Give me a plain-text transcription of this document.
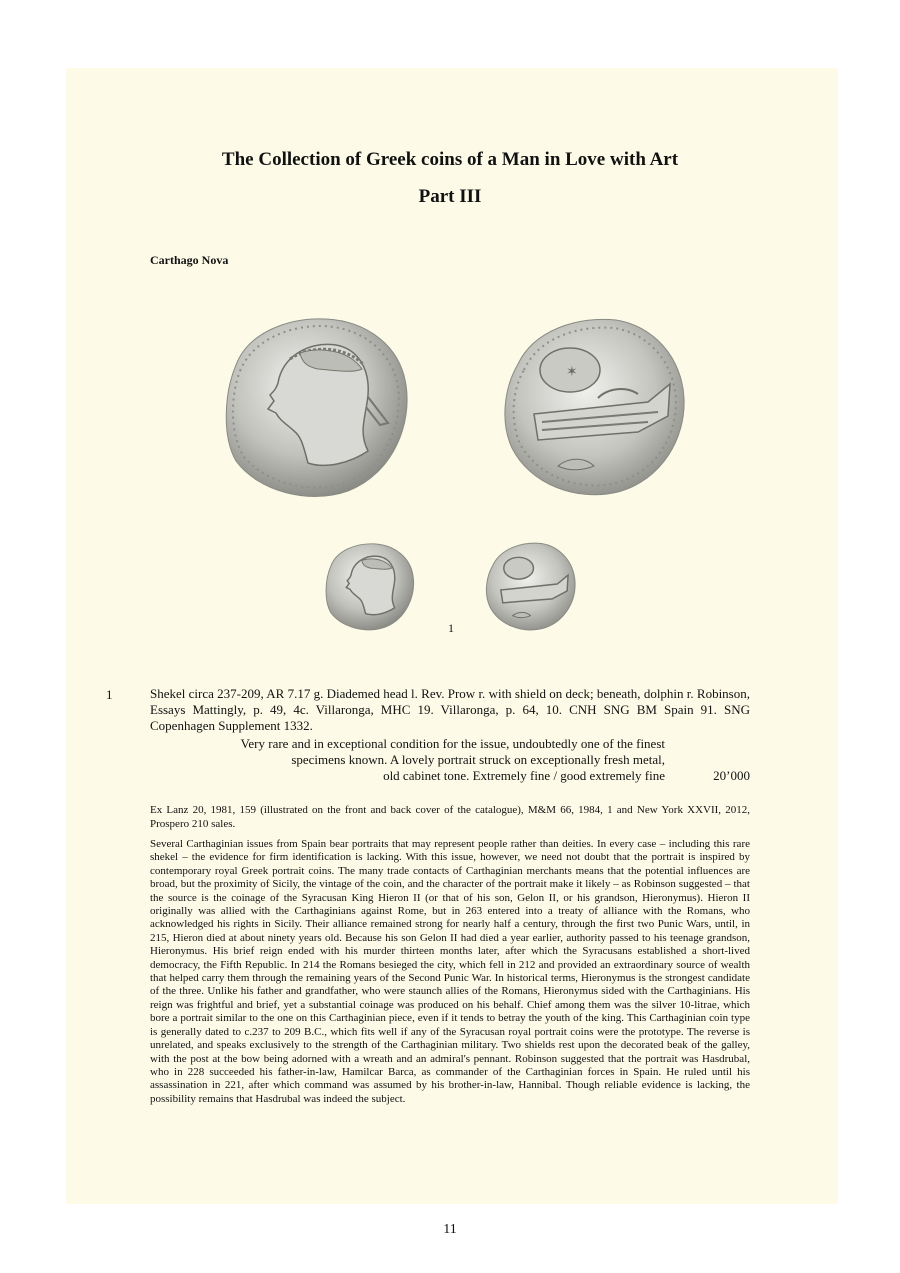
The Collection of Greek coins of a Man in Love with Art
Part III
Carthago Nova
✶
1
1	Shekel circa 237-209, AR 7.17 g. Diademed head l. Rev. Prow r. with shield on deck; beneath, dolphin r. Robinson, Essays Mattingly, p. 49, 4c. Villaronga, MHC 19. Villaronga, p. 64, 10. CNH SNG BM Spain 91. SNG Copenhagen Supplement 1332.
Very rare and in exceptional condition for the issue, undoubtedly one of the finest
specimens known. A lovely portrait struck on exceptionally fresh metal,
old cabinet tone. Extremely fine / good extremely fine	20’000
Ex Lanz 20, 1981, 159 (illustrated on the front and back cover of the catalogue), M&M 66, 1984, 1 and New York XXVII, 2012, Prospero 210 sales.
Several Carthaginian issues from Spain bear portraits that may represent people rather than deities. In every case – including this rare shekel – the evidence for firm identification is lacking. With this issue, however, we need not doubt that the portrait is inspired by contemporary royal Greek portrait coins. The many trade contacts of Carthaginian merchants means that the potential influences are broad, but the proximity of Sicily, the vintage of the coin, and the character of the portrait make it likely – as Robinson suggested – that the source is the coinage of the Syracusan King Hieron II (or that of his son, Gelon II, or his grandson, Hieronymus). Hieron II originally was allied with the Carthaginians against Rome, but in 263 entered into a treaty of alliance with the Romans, who acknowledged his rights in Sicily. Their alliance remained strong for nearly half a century, through the first two Punic Wars, until, in 215, Hieron died at about ninety years old. Because his son Gelon II had died a year earlier, authority passed to his teenage grandson, Hieronymus. His brief reign ended with his murder thirteen months later, after which the Syracusans established a short-lived democracy, the Fifth Republic. In 214 the Romans besieged the city, which fell in 212 and provided an extraordinary source of wealth that helped carry them through the remaining years of the Second Punic War. In historical terms, Hieronymus is the strongest candidate of the three. Unlike his father and grandfather, who were staunch allies of the Romans, Hieronymus sided with the Carthaginians. His reign was frightful and brief, yet a substantial coinage was produced on his behalf. Chief among them was the silver 10-litrae, which bore a portrait similar to the one on this Carthaginian piece, even if it tends to betray the youth of the king. This Carthaginian coin type is generally dated to c.237 to 209 B.C., which fits well if any of the Syracusan royal portrait coins were the prototype. The reverse is unrelated, and speaks exclusively to the strength of the Carthaginian military. Two shields rest upon the decorated beak of the galley, with the post at the bow being adorned with a wreath and an admiral's pennant. Robinson suggested that the portrait was Hasdrubal, who in 228 succeeded his father-in-law, Hamilcar Barca, as commander of the Carthaginian forces in Spain. He ruled until his assassination in 221, after which command was assumed by his brother-in-law, Hannibal. Though reliable evidence is lacking, the possibility remains that Hasdrubal was indeed the subject.
11
